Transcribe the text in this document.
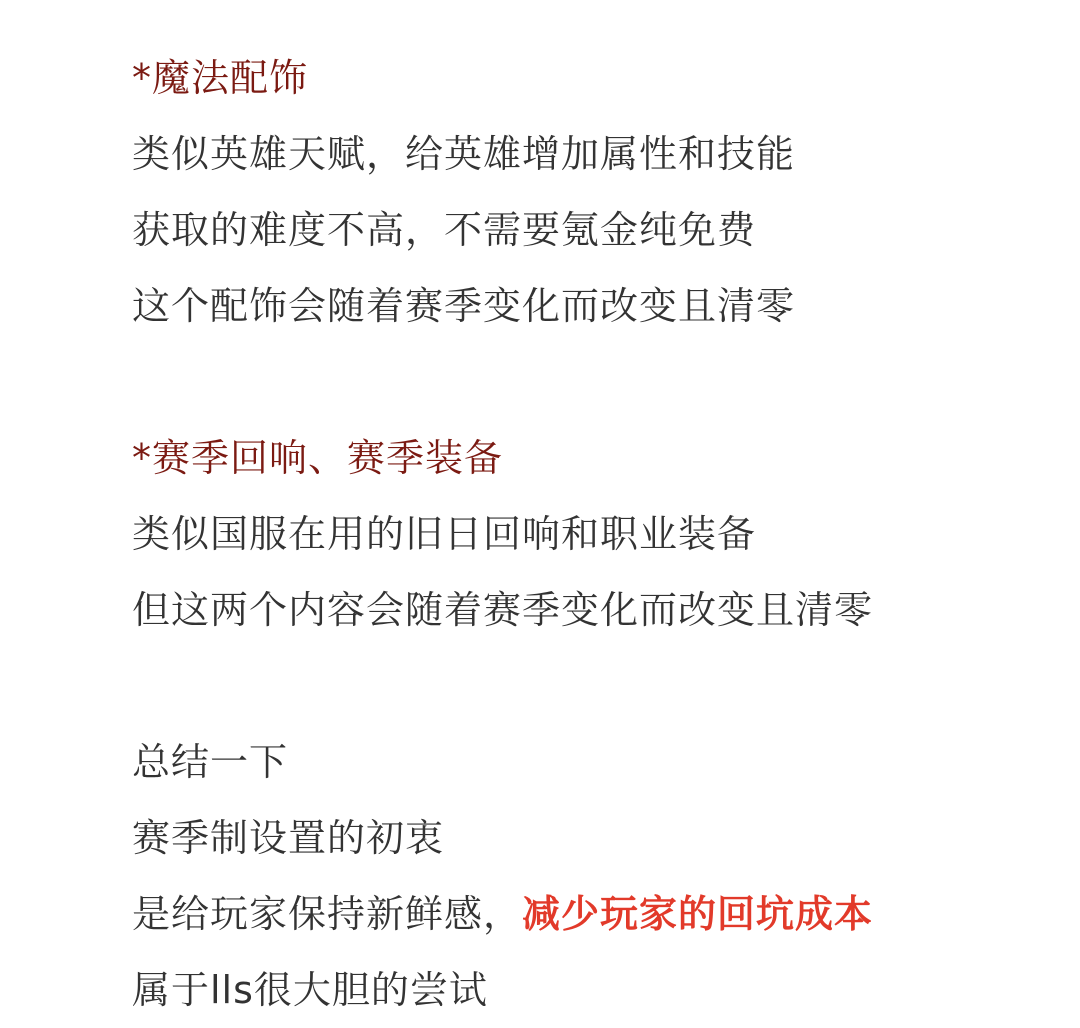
*魔法配饰
类似英雄天赋，给英雄增加属性和技能
获取的难度不高，不需要氪金纯免费
这个配饰会随着赛季变化而改变且清零
*赛季回响、赛季装备
类似国服在用的旧日回响和职业装备
但这两个内容会随着赛季变化而改变且清零
总结一下
赛季制设置的初衷
是给玩家保持新鲜感，减少玩家的回坑成本
属于lls很大胆的尝试
